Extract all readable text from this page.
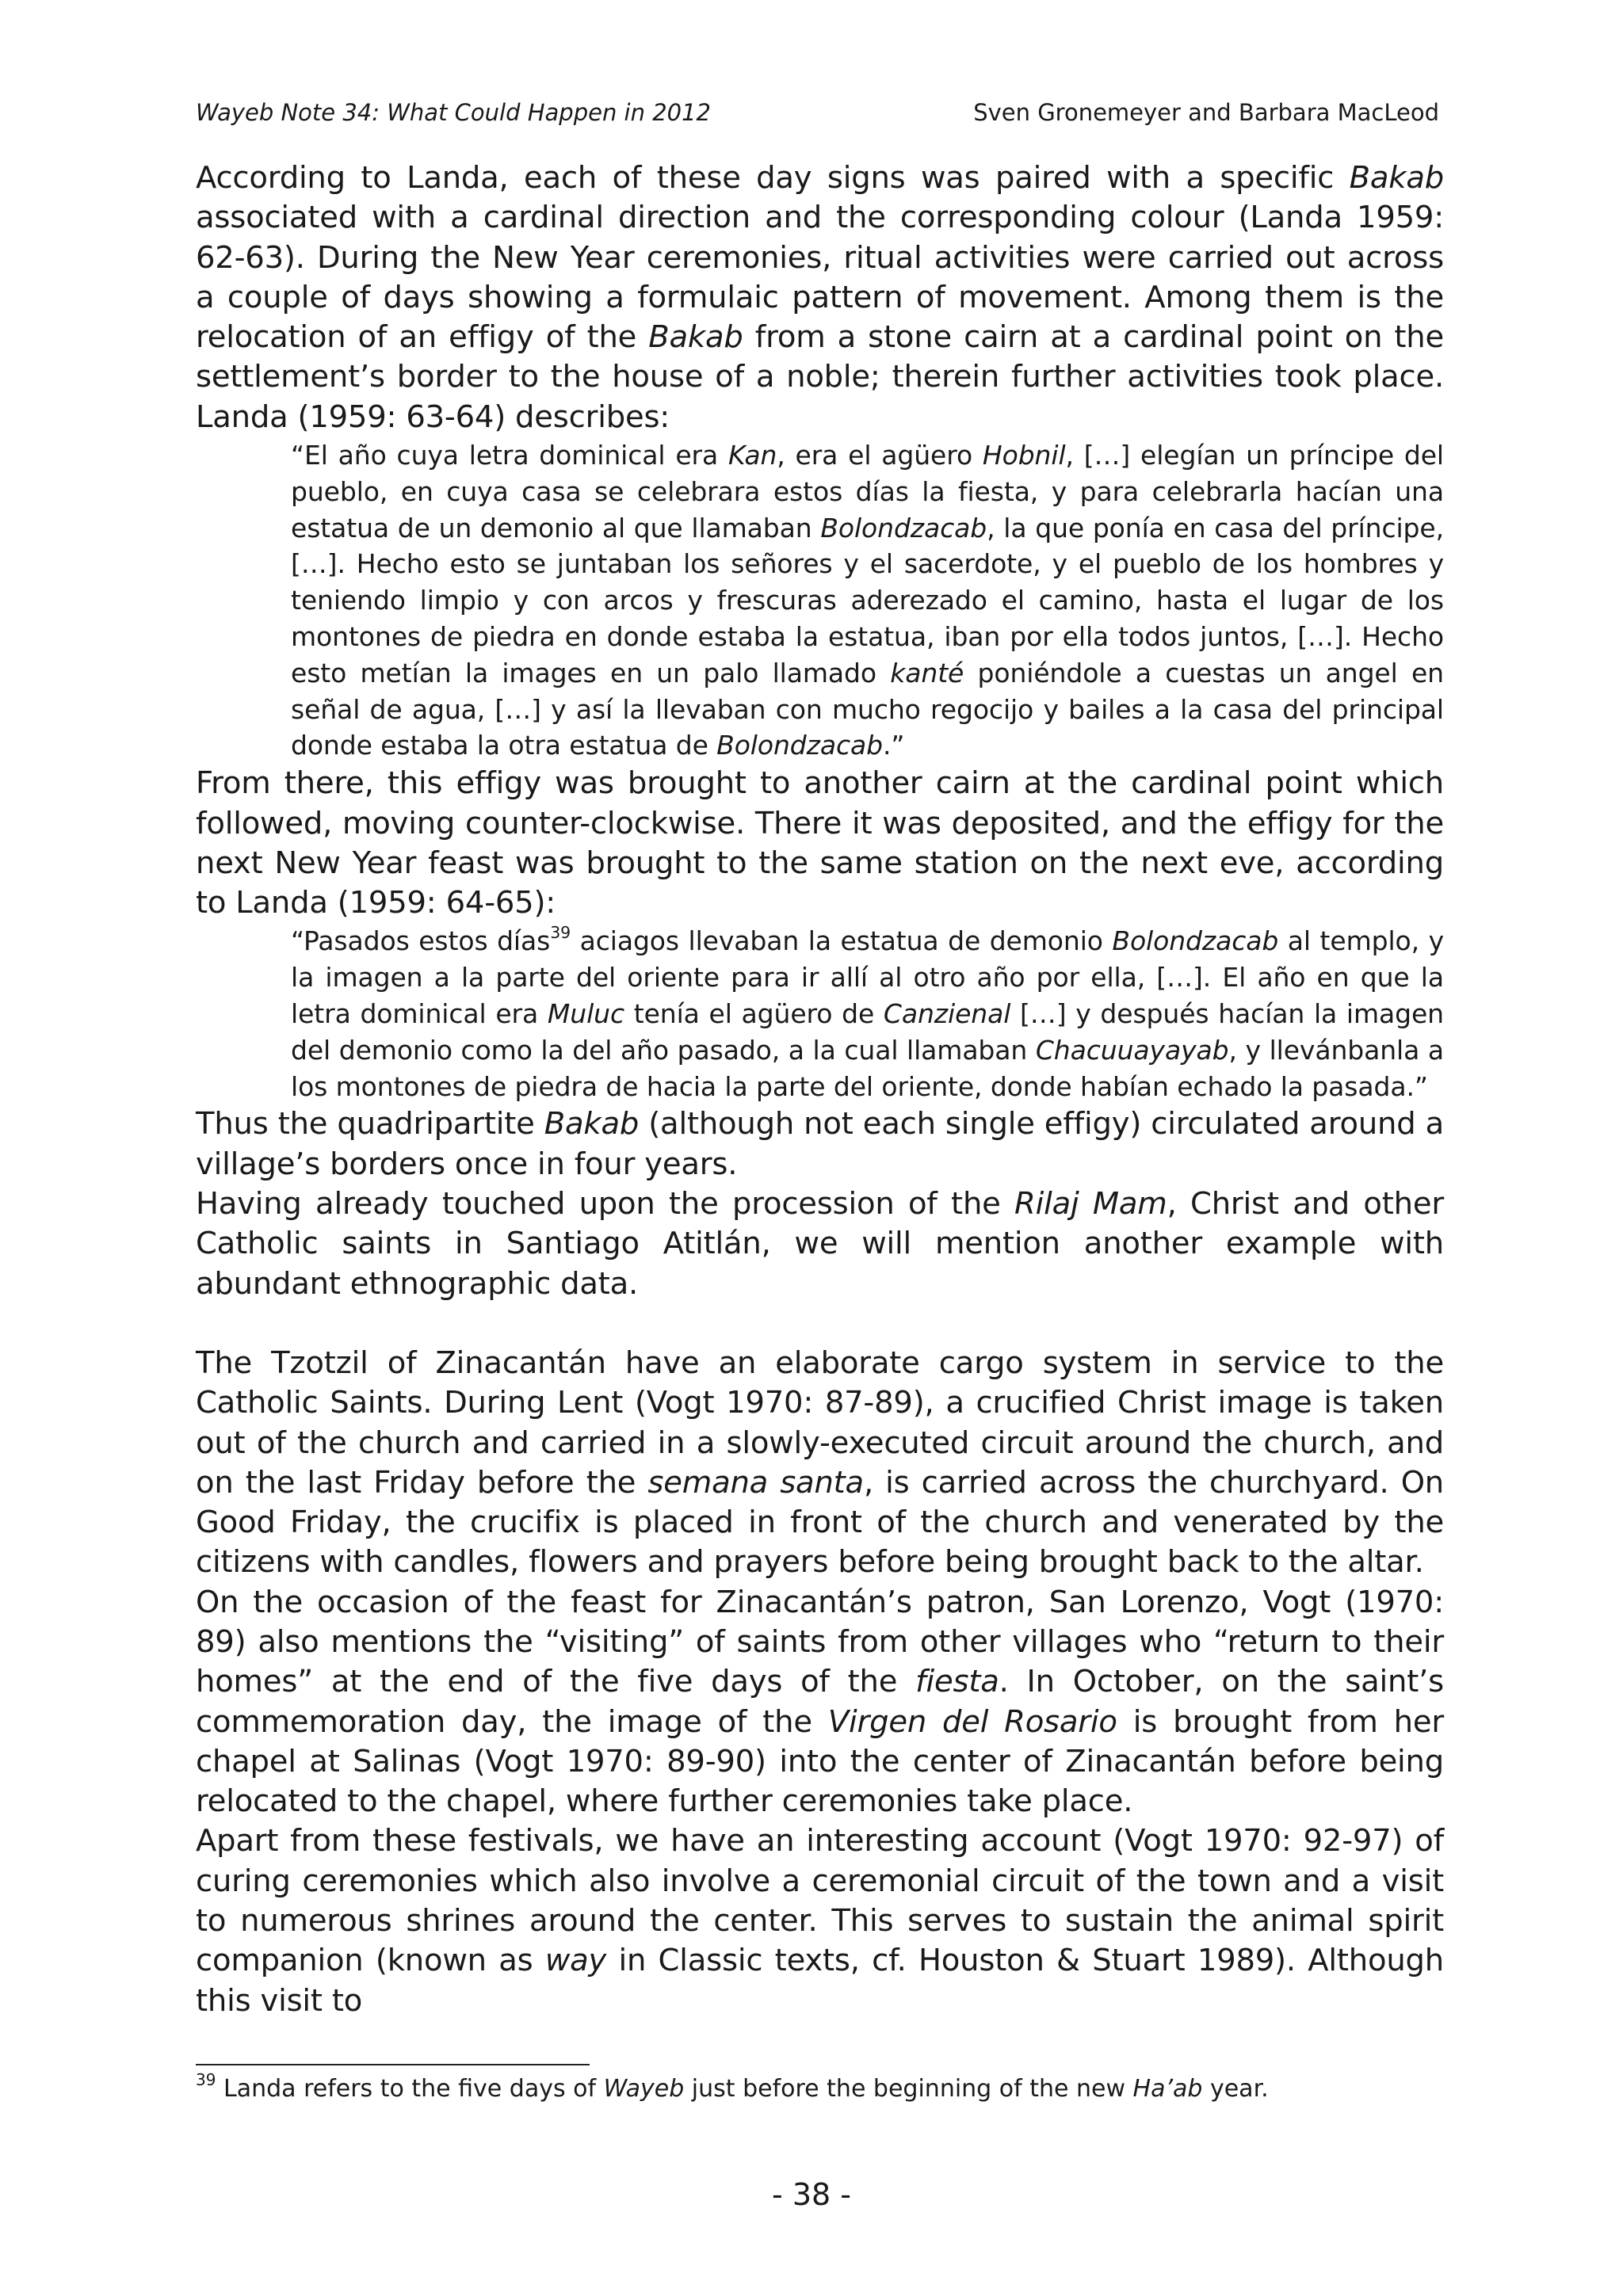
Wayeb Note 34: What Could Happen in 2012	Sven Gronemeyer and Barbara MacLeod

According to Landa, each of these day signs was paired with a specific Bakab associated with a cardinal direction and the corresponding colour (Landa 1959: 62-63). During the New Year ceremonies, ritual activities were carried out across a couple of days showing a formulaic pattern of movement. Among them is the relocation of an effigy of the Bakab from a stone cairn at a cardinal point on the settlement’s border to the house of a noble; therein further activities took place. Landa (1959: 63-64) describes:

“El año cuya letra dominical era Kan, era el agüero Hobnil, […] elegían un príncipe del pueblo, en cuya casa se celebrara estos días la fiesta, y para celebrarla hacían una estatua de un demonio al que llamaban Bolondzacab, la que ponía en casa del príncipe, […]. Hecho esto se juntaban los señores y el sacerdote, y el pueblo de los hombres y teniendo limpio y con arcos y frescuras aderezado el camino, hasta el lugar de los montones de piedra en donde estaba la estatua, iban por ella todos juntos, […]. Hecho esto metían la images en un palo llamado kanté poniéndole a cuestas un angel en señal de agua, […] y así la llevaban con mucho regocijo y bailes a la casa del principal donde estaba la otra estatua de Bolondzacab.”

From there, this effigy was brought to another cairn at the cardinal point which followed, moving counter-clockwise. There it was deposited, and the effigy for the next New Year feast was brought to the same station on the next eve, according to Landa (1959: 64-65):

“Pasados estos días$^{39}$ aciagos llevaban la estatua de demonio Bolondzacab al templo, y la imagen a la parte del oriente para ir allí al otro año por ella, […]. El año en que la letra dominical era Muluc tenía el agüero de Canzienal […] y después hacían la imagen del demonio como la del año pasado, a la cual llamaban Chacuuayayab, y llevánbanla a los montones de piedra de hacia la parte del oriente, donde habían echado la pasada.”

Thus the quadripartite Bakab (although not each single effigy) circulated around a village’s borders once in four years.

Having already touched upon the procession of the Rilaj Mam, Christ and other Catholic saints in Santiago Atitlán, we will mention another example with abundant ethnographic data.

The Tzotzil of Zinacantán have an elaborate cargo system in service to the Catholic Saints. During Lent (Vogt 1970: 87-89), a crucified Christ image is taken out of the church and carried in a slowly-executed circuit around the church, and on the last Friday before the semana santa, is carried across the churchyard. On Good Friday, the crucifix is placed in front of the church and venerated by the citizens with candles, flowers and prayers before being brought back to the altar.

On the occasion of the feast for Zinacantán’s patron, San Lorenzo, Vogt (1970: 89) also mentions the “visiting” of saints from other villages who “return to their homes” at the end of the five days of the fiesta. In October, on the saint’s commemoration day, the image of the Virgen del Rosario is brought from her chapel at Salinas (Vogt 1970: 89-90) into the center of Zinacantán before being relocated to the chapel, where further ceremonies take place.

Apart from these festivals, we have an interesting account (Vogt 1970: 92-97) of curing ceremonies which also involve a ceremonial circuit of the town and a visit to numerous shrines around the center. This serves to sustain the animal spirit companion (known as way in Classic texts, cf. Houston & Stuart 1989). Although this visit to

$^{39}$ Landa refers to the five days of Wayeb just before the beginning of the new Ha’ab year.
- 38 -
